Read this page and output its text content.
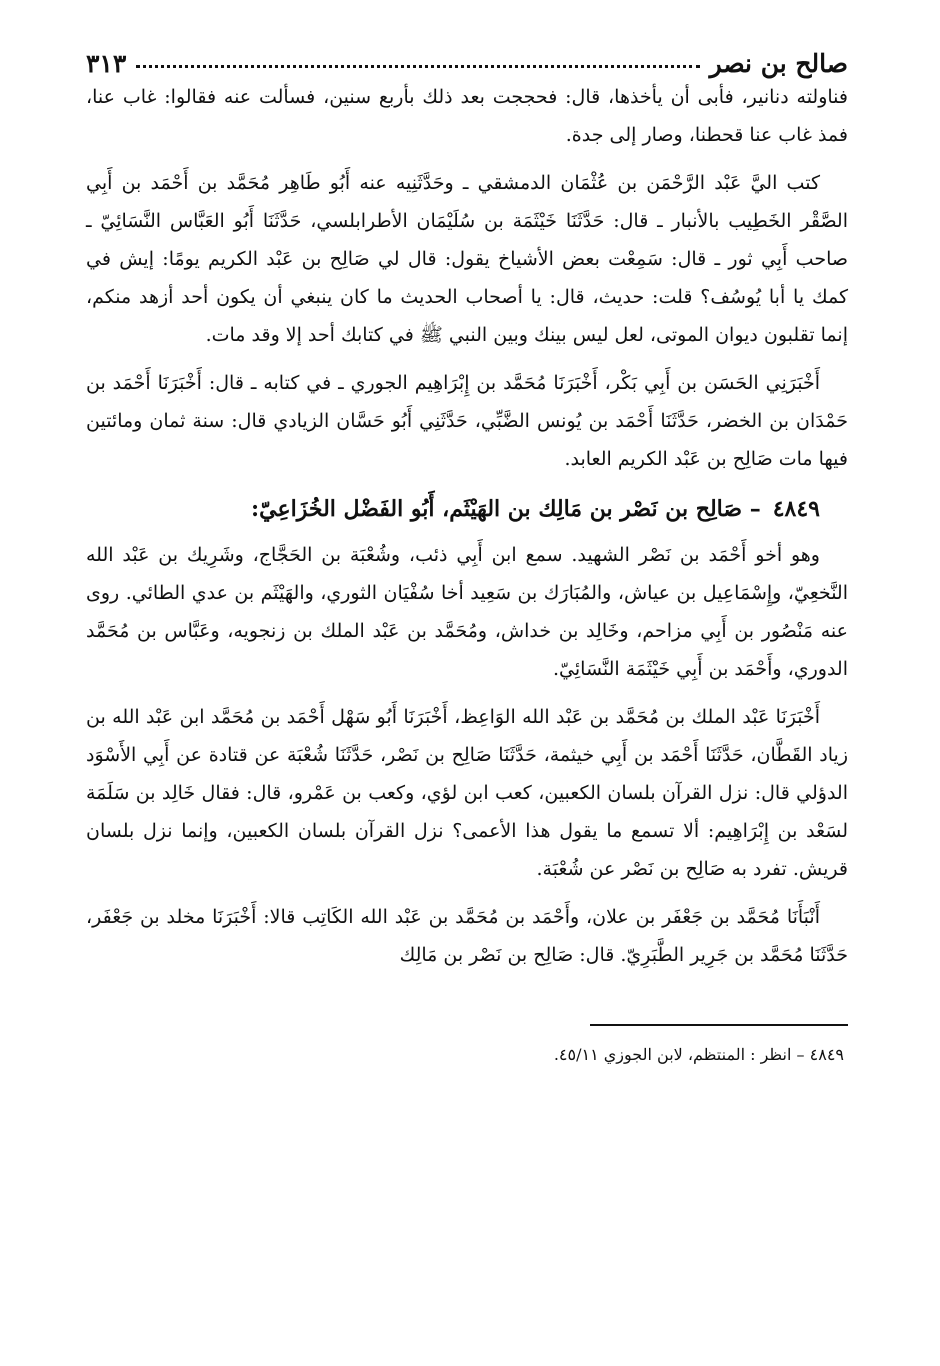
صالح بن نصر
٣١٣

فناولته دنانير، فأبى أن يأخذها، قال: فحججت بعد ذلك بأربع سنين، فسألت عنه فقالوا: غاب عنا، فمذ غاب عنا قحطنا، وصار إلى جدة.

كتب اليَّ عَبْد الرَّحْمَن بن عُثْمَان الدمشقي ـ وحَدَّثَنِيه عنه أَبُو طَاهِر مُحَمَّد بن أَحْمَد بن أَبِي الصَّقْر الخَطِيب بالأنبار ـ قال: حَدَّثَنَا خَيْثَمَة بن سُلَيْمَان الأطرابلسي، حَدَّثَنَا أَبُو العَبَّاس النَّسَائِيّ ـ صاحب أَبِي ثور ـ قال: سَمِعْت بعض الأشياخ يقول: قال لي صَالِح بن عَبْد الكريم يومًا: إيش في كمك يا أبا يُوسُف؟ قلت: حديث، قال: يا أصحاب الحديث ما كان ينبغي أن يكون أحد أزهد منكم، إنما تقلبون ديوان الموتى، لعل ليس بينك وبين النبي ﷺ في كتابك أحد إلا وقد مات.

أَخْبَرَنِي الحَسَن بن أَبِي بَكْر، أَخْبَرَنَا مُحَمَّد بن إِبْرَاهِيم الجوري ـ في كتابه ـ قال: أَخْبَرَنَا أَحْمَد بن حَمْدَان بن الخضر، حَدَّثَنَا أَحْمَد بن يُونس الضَّبِّي، حَدَّثَنِي أَبُو حَسَّان الزيادي قال: سنة ثمان ومائتين فيها مات صَالِح بن عَبْد الكريم العابد.

٤٨٤٩– صَالِح بن نَصْر بن مَالِك بن الهَيْثَم، أَبُو الفَضْل الخُزَاعِيّ:

وهو أخو أَحْمَد بن نَصْر الشهيد. سمع ابن أَبِي ذئب، وشُعْبَة بن الحَجَّاج، وشَرِيك بن عَبْد الله النَّخعِيّ، وإِسْمَاعِيل بن عياش، والمُبَارَك بن سَعِيد أخا سُفْيَان الثوري، والهَيْثَم بن عدي الطائي. روى عنه مَنْصُور بن أَبِي مزاحم، وخَالِد بن خداش، ومُحَمَّد بن عَبْد الملك بن زنجويه، وعَبَّاس بن مُحَمَّد الدوري، وأَحْمَد بن أَبِي خَيْثَمَة النَّسَائِيّ.

أَخْبَرَنَا عَبْد الملك بن مُحَمَّد بن عَبْد الله الوَاعِظ، أَخْبَرَنَا أَبُو سَهْل أَحْمَد بن مُحَمَّد ابن عَبْد الله بن زياد القَطَّان، حَدَّثَنَا أَحْمَد بن أَبِي خيثمة، حَدَّثَنَا صَالِح بن نَصْر، حَدَّثَنَا شُعْبَة عن قتادة عن أَبِي الأَسْوَد الدؤلي قال: نزل القرآن بلسان الكعبين، كعب ابن لؤي، وكعب بن عَمْرو، قال: فقال خَالِد بن سَلَمَة لسَعْد بن إِبْرَاهِيم: ألا تسمع ما يقول هذا الأعمى؟ نزل القرآن بلسان الكعبين، وإنما نزل بلسان قريش. تفرد به صَالِح بن نَصْر عن شُعْبَة.

أَنْبَأَنَا مُحَمَّد بن جَعْفَر بن علان، وأَحْمَد بن مُحَمَّد بن عَبْد الله الكَاتِب قالا: أَخْبَرَنَا مخلد بن جَعْفَر، حَدَّثَنَا مُحَمَّد بن جَرِير الطَّبَرِيّ. قال: صَالِح بن نَصْر بن مَالِك

٤٨٤٩ – انظر : المنتظم، لابن الجوزي ٤٥/١١.
